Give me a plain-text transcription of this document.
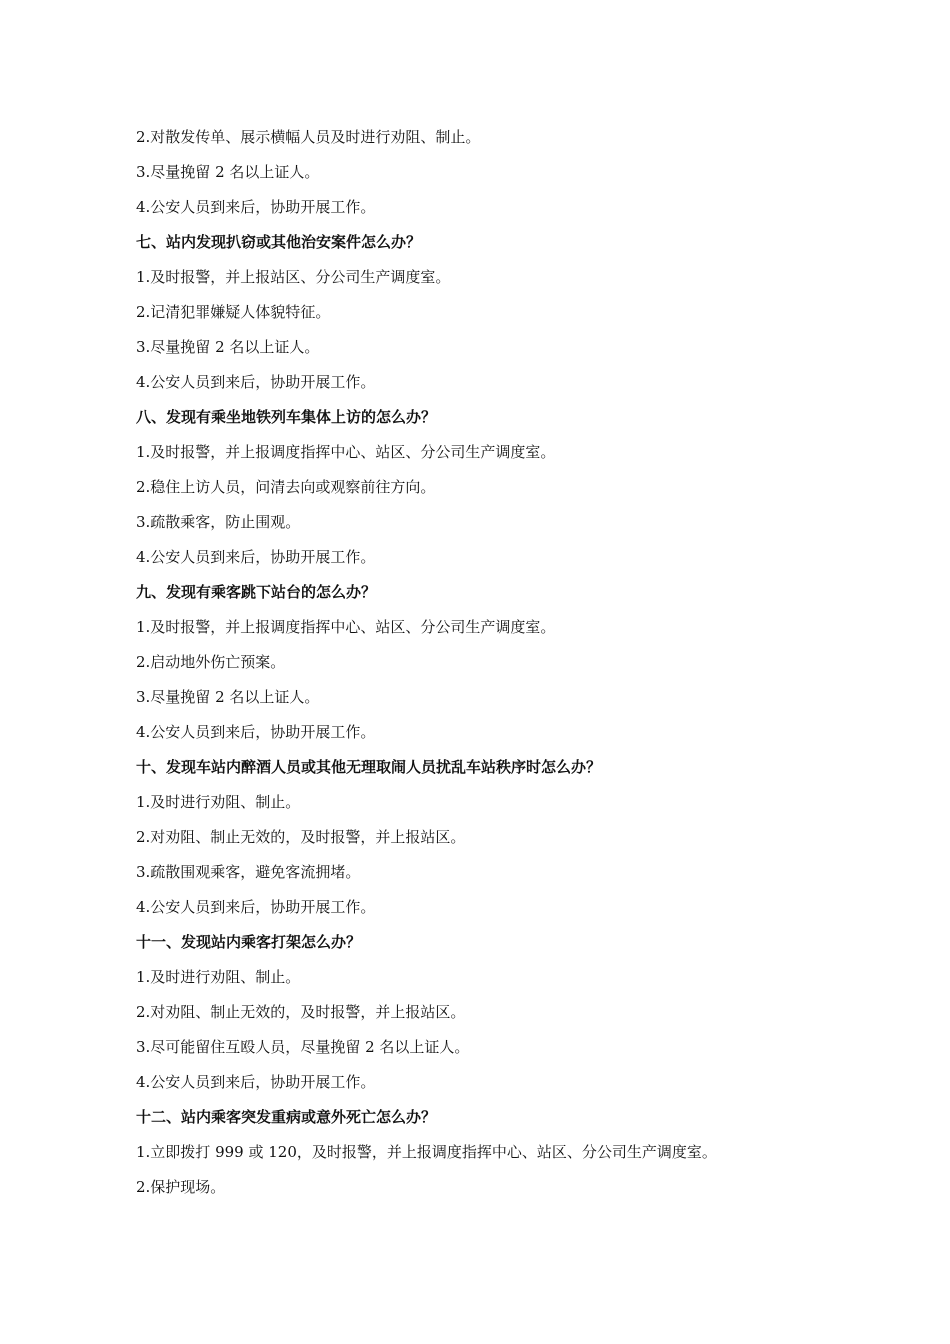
2.对散发传单、展示横幅人员及时进行劝阻、制止。

3.尽量挽留 2 名以上证人。

4.公安人员到来后，协助开展工作。

七、站内发现扒窃或其他治安案件怎么办？

1.及时报警，并上报站区、分公司生产调度室。

2.记清犯罪嫌疑人体貌特征。

3.尽量挽留 2 名以上证人。

4.公安人员到来后，协助开展工作。

八、发现有乘坐地铁列车集体上访的怎么办？

1.及时报警，并上报调度指挥中心、站区、分公司生产调度室。

2.稳住上访人员，问清去向或观察前往方向。

3.疏散乘客，防止围观。

4.公安人员到来后，协助开展工作。

九、发现有乘客跳下站台的怎么办？

1.及时报警，并上报调度指挥中心、站区、分公司生产调度室。

2.启动地外伤亡预案。

3.尽量挽留 2 名以上证人。

4.公安人员到来后，协助开展工作。

十、发现车站内醉酒人员或其他无理取闹人员扰乱车站秩序时怎么办？

1.及时进行劝阻、制止。

2.对劝阻、制止无效的，及时报警，并上报站区。

3.疏散围观乘客，避免客流拥堵。

4.公安人员到来后，协助开展工作。

十一、发现站内乘客打架怎么办？

1.及时进行劝阻、制止。

2.对劝阻、制止无效的，及时报警，并上报站区。

3.尽可能留住互殴人员，尽量挽留 2 名以上证人。

4.公安人员到来后，协助开展工作。

十二、站内乘客突发重病或意外死亡怎么办？

1.立即拨打 999 或 120，及时报警，并上报调度指挥中心、站区、分公司生产调度室。

2.保护现场。
